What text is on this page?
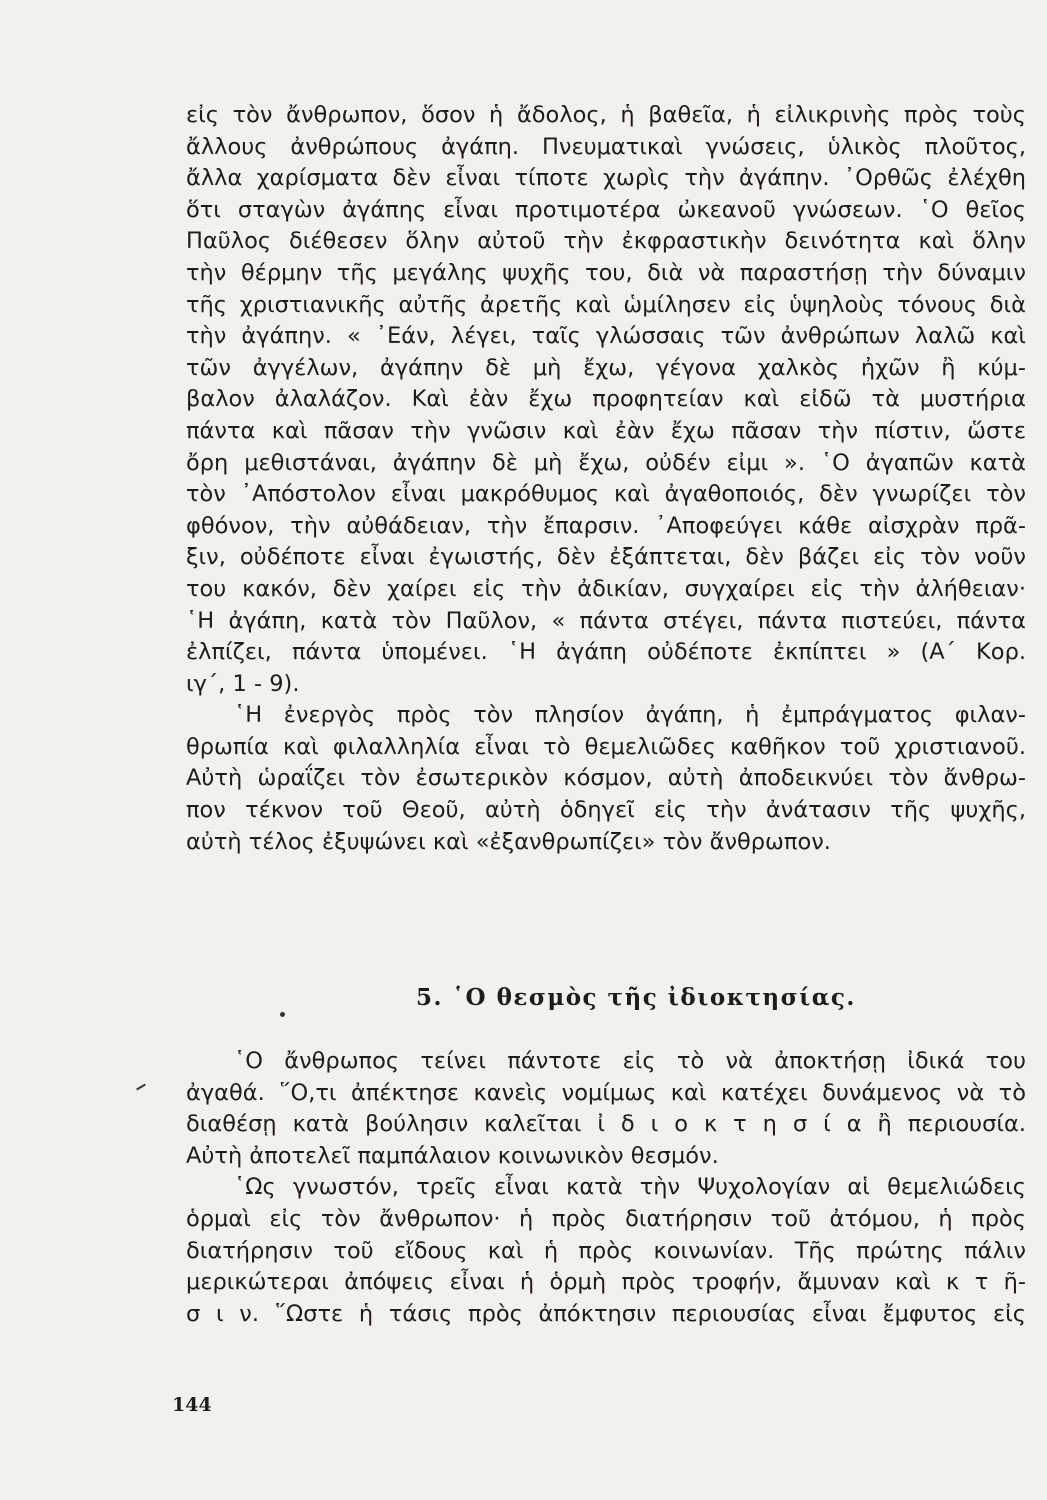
εἰς τὸν ἄνθρωπον, ὅσον ἡ ἄδολος, ἡ βαθεῖα, ἡ εἰλικρινὴς πρὸς τοὺς
ἄλλους ἀνθρώπους ἀγάπη. Πνευματικαὶ γνώσεις, ὑλικὸς πλοῦτος,
ἄλλα χαρίσματα δὲν εἶναι τίποτε χωρὶς τὴν ἀγάπην. ᾿Ορθῶς ἐλέχθη
ὅτι σταγὼν ἀγάπης εἶναι προτιμοτέρα ὠκεανοῦ γνώσεων. ῾Ο θεῖος
Παῦλος διέθεσεν ὅλην αὐτοῦ τὴν ἐκφραστικὴν δεινότητα καὶ ὅλην
τὴν θέρμην τῆς μεγάλης ψυχῆς του, διὰ νὰ παραστήσῃ τὴν δύναμιν
τῆς χριστιανικῆς αὐτῆς ἀρετῆς καὶ ὡμίλησεν εἰς ὑψηλοὺς τόνους διὰ
τὴν ἀγάπην. « ᾿Εάν, λέγει, ταῖς γλώσσαις τῶν ἀνθρώπων λαλῶ καὶ
τῶν ἀγγέλων, ἀγάπην δὲ μὴ ἔχω, γέγονα χαλκὸς ἠχῶν ἢ κύμ-
βαλον ἀλαλάζον. Καὶ ἐὰν ἔχω προφητείαν καὶ εἰδῶ τὰ μυστήρια
πάντα καὶ πᾶσαν τὴν γνῶσιν καὶ ἐὰν ἔχω πᾶσαν τὴν πίστιν, ὥστε
ὄρη μεθιστάναι, ἀγάπην δὲ μὴ ἔχω, οὐδέν εἰμι ». ῾Ο ἀγαπῶν κατὰ
τὸν ᾿Απόστολον εἶναι μακρόθυμος καὶ ἀγαθοποιός, δὲν γνωρίζει τὸν
φθόνον, τὴν αὐθάδειαν, τὴν ἔπαρσιν. ᾿Αποφεύγει κάθε αἰσχρὰν πρᾶ-
ξιν, οὐδέποτε εἶναι ἐγωιστής, δὲν ἐξάπτεται, δὲν βάζει εἰς τὸν νοῦν
του κακόν, δὲν χαίρει εἰς τὴν ἀδικίαν, συγχαίρει εἰς τὴν ἀλήθειαν·
῾Η ἀγάπη, κατὰ τὸν Παῦλον, « πάντα στέγει, πάντα πιστεύει, πάντα
ἐλπίζει, πάντα ὑπομένει. ῾Η ἀγάπη οὐδέποτε ἐκπίπτει » (Α΄ Κορ.
ιγ΄, 1 - 9).
῾Η ἐνεργὸς πρὸς τὸν πλησίον ἀγάπη, ἡ ἐμπράγματος φιλαν-
θρωπία καὶ φιλαλληλία εἶναι τὸ θεμελιῶδες καθῆκον τοῦ χριστιανοῦ.
Αὐτὴ ὡραΐζει τὸν ἐσωτερικὸν κόσμον, αὐτὴ ἀποδεικνύει τὸν ἄνθρω-
πον τέκνον τοῦ Θεοῦ, αὐτὴ ὁδηγεῖ εἰς τὴν ἀνάτασιν τῆς ψυχῆς,
αὐτὴ τέλος ἐξυψώνει καὶ «ἐξανθρωπίζει» τὸν ἄνθρωπον.
5. ῾Ο θεσμὸς τῆς ἰδιοκτησίας.
῾Ο ἄνθρωπος τείνει πάντοτε εἰς τὸ νὰ ἀποκτήσῃ ἰδικά του
ἀγαθά. ῞Ο,τι ἀπέκτησε κανεὶς νομίμως καὶ κατέχει δυνάμενος νὰ τὸ
διαθέσῃ κατὰ βούλησιν καλεῖται ἰ δ ι ο κ τ η σ ί α ἢ περιουσία.
Αὐτὴ ἀποτελεῖ παμπάλαιον κοινωνικὸν θεσμόν.
῾Ως γνωστόν, τρεῖς εἶναι κατὰ τὴν Ψυχολογίαν αἱ θεμελιώδεις
ὁρμαὶ εἰς τὸν ἄνθρωπον· ἡ πρὸς διατήρησιν τοῦ ἀτόμου, ἡ πρὸς
διατήρησιν τοῦ εἴδους καὶ ἡ πρὸς κοινωνίαν. Τῆς πρώτης πάλιν
μερικώτεραι ἀπόψεις εἶναι ἡ ὁρμὴ πρὸς τροφήν, ἄμυναν καὶ κ τ ῆ-
σ ι ν. ῞Ωστε ἡ τάσις πρὸς ἀπόκτησιν περιουσίας εἶναι ἔμφυτος εἰς
144
